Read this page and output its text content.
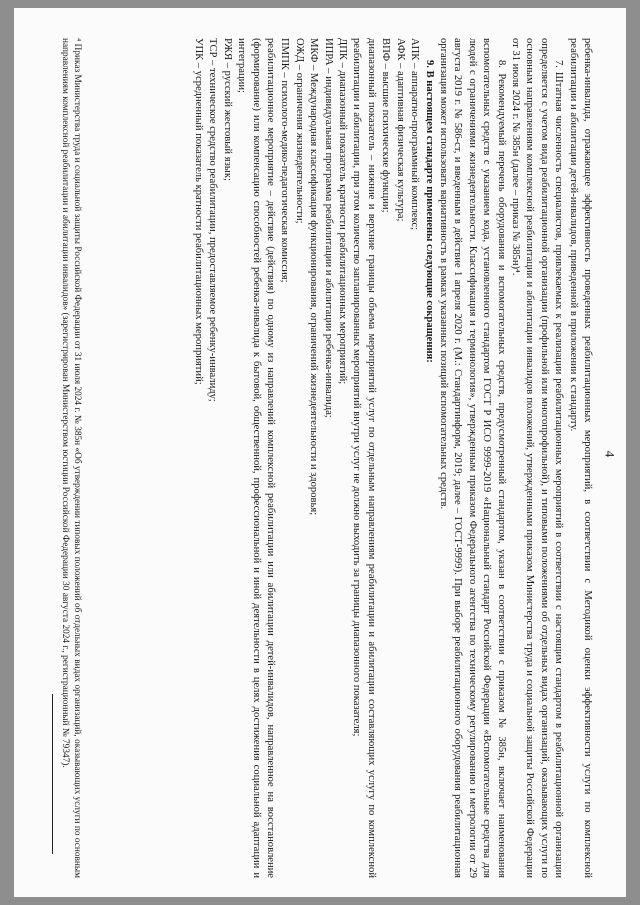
4

ребенка-инвалида, отражающее эффективность проведенных реабилитационных мероприятий, в соответствии с Методикой оценки эффективности услуги по комплексной реабилитации и абилитации детей-инвалидов, приведенной в приложении к стандарту.

7. Штатная численность специалистов, привлекаемых к реализации реабилитационных мероприятий в соответствии с настоящим стандартом в реабилитационной организации определяется с учетом вида реабилитационной организации (профильной или многопрофильной), и типовыми положениями об отдельных видах организаций, оказывающих услуги по основным направлениям комплексной реабилитации и абилитации инвалидов положений, утвержденными приказом Министерства труда и социальной защиты Российской Федерации от 31 июля 2024 г. № 385н (далее – приказ № 385н)⁴.

8. Рекомендуемый перечень оборудования и вспомогательных средств, предусмотренный стандартом, указан в соответствии с приказом № 385н, включает наименования вспомогательных средств с указанием кода, установленного стандартом ГОСТ Р ИСО 9999-2019 «Национальный стандарт Российской Федерации «Вспомогательные средства для людей с ограничениями жизнедеятельности. Классификация и терминология», утвержденным приказом Федерального агентства по техническому регулированию и метрологии от 29 августа 2019 г. № 586-ст, и введенным в действие 1 апреля 2020 г. (М.: Стандартинформ, 2019; далее – ГОСТ-9999). При выборе реабилитационного оборудования реабилитационная организация может использовать вариативность в рамках указанных позиций вспомогательных средств.

9. В настоящем стандарте применены следующие сокращения:

АПК – аппаратно-программный комплекс;

АФК – адаптивная физическая культура;

ВПФ – высшие психические функции;

диапазонный показатель – нижние и верхние границы объема мероприятий услуг по отдельным направлениям реабилитации и абилитации составляющих услугу по комплексной реабилитации и абилитации, при этом количество запланированных мероприятий внутри услуг не должно выходить за границы диапазонного показателя;

ДПК – диапазонный показатель кратности реабилитационных мероприятий;

ИПРА – индивидуальная программа реабилитации и абилитации ребенка-инвалида;

МКФ – Международная классификация функционирования, ограничений жизнедеятельности и здоровья;

ОЖД – ограничения жизнедеятельности;

ПМПК – психолого-медико-педагогическая комиссия;

реабилитационное мероприятие – действие (действия) по одному из направлений комплексной реабилитации или абилитации детей-инвалидов, направленное на восстановление (формирование) или компенсацию способностей ребенка-инвалида к бытовой, общественной, профессиональной и иной деятельности в целях достижения социальной адаптации и интеграции;

РЖЯ – русский жестовый язык;

ТСР – техническое средство реабилитации, предоставляемое ребенку-инвалиду;

УПК – усредненный показатель кратности реабилитационных мероприятий;

⁴ Приказ Министерства труда и социальной защиты Российской Федерации от 31 июля 2024 г. № 385н «Об утверждении типовых положений об отдельных видах организаций, оказывающих услуги по основным направлениям комплексной реабилитации и абилитации инвалидов» (зарегистрирован Министерством юстиции Российской Федерации 30 августа 2024 г., регистрационный № 79347).
